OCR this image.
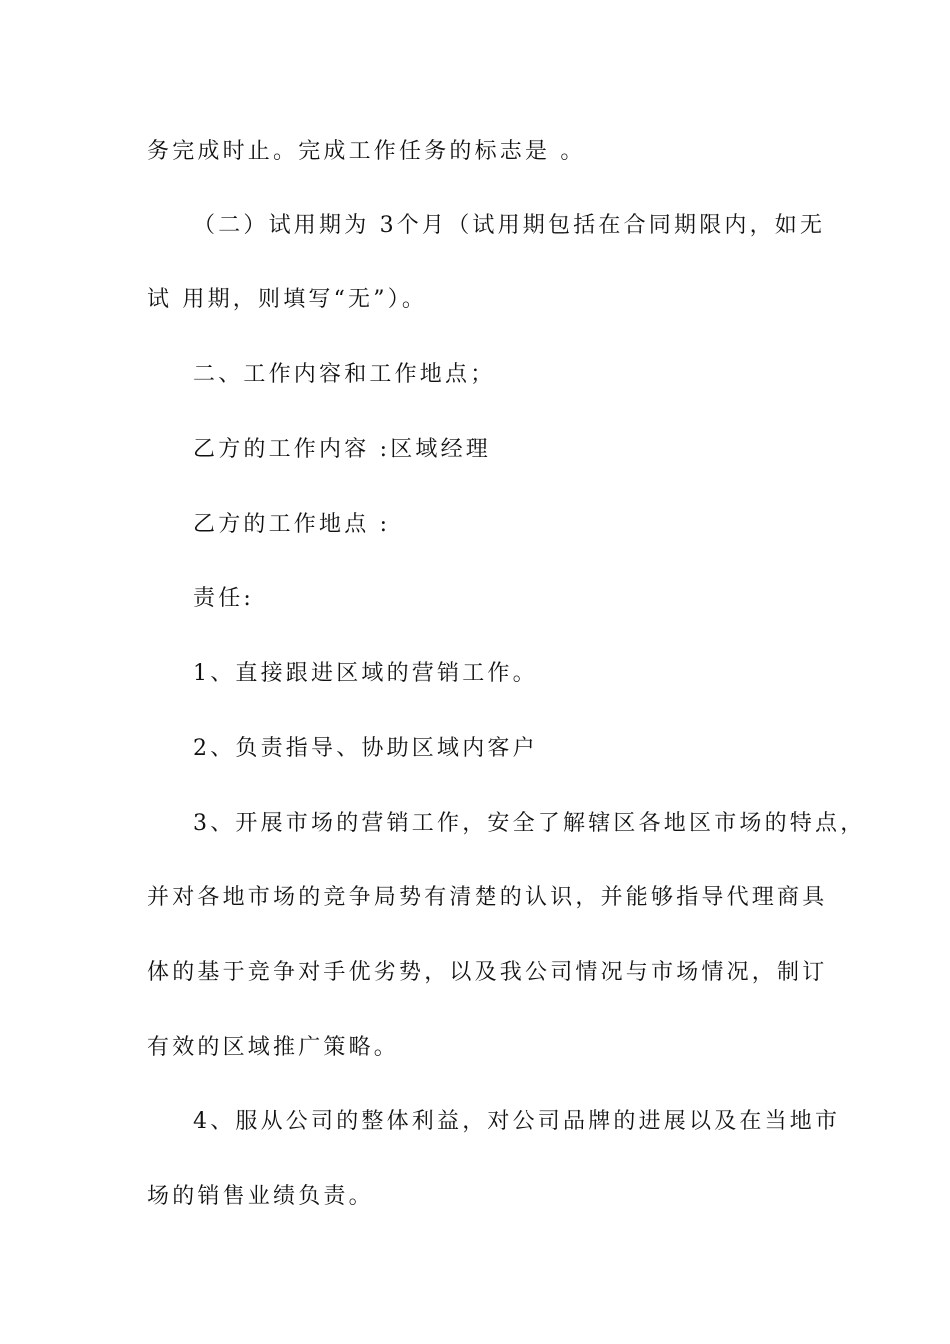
务完成时止。完成工作任务的标志是 。
（二）试用期为 3个月（试用期包括在合同期限内，如无
试 用期，则填写“无”）。
二、工作内容和工作地点；
乙方的工作内容 :区域经理
乙方的工作地点 :
责任:
1、直接跟进区域的营销工作。
2、负责指导、协助区域内客户
3、开展市场的营销工作，安全了解辖区各地区市场的特点，
并对各地市场的竞争局势有清楚的认识，并能够指导代理商具
体的基于竞争对手优劣势，以及我公司情况与市场情况，制订
有效的区域推广策略。
4、服从公司的整体利益，对公司品牌的进展以及在当地市
场的销售业绩负责。
